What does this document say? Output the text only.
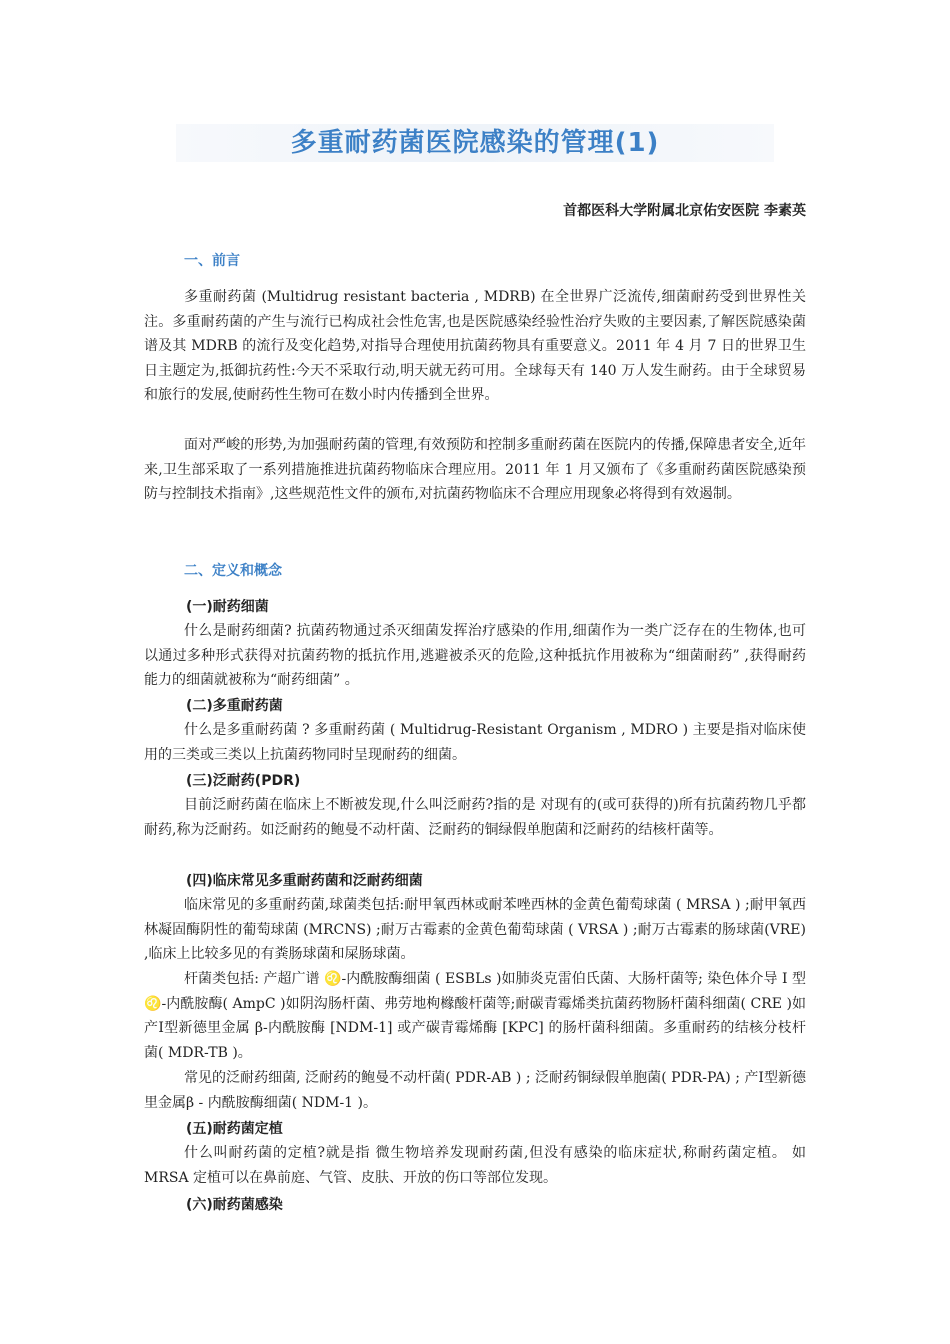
多重耐药菌医院感染的管理(1)
首都医科大学附属北京佑安医院 李素英
一、前言
多重耐药菌 (Multidrug resistant bacteria , MDRB) 在全世界广泛流传,细菌耐药受到世界性关注。多重耐药菌的产生与流行已构成社会性危害,也是医院感染经验性治疗失败的主要因素,了解医院感染菌谱及其 MDRB 的流行及变化趋势,对指导合理使用抗菌药物具有重要意义。2011 年 4 月 7 日的世界卫生日主题定为,抵御抗药性:今天不采取行动,明天就无药可用。全球每天有 140 万人发生耐药。由于全球贸易和旅行的发展,使耐药性生物可在数小时内传播到全世界。
面对严峻的形势,为加强耐药菌的管理,有效预防和控制多重耐药菌在医院内的传播,保障患者安全,近年来,卫生部采取了一系列措施推进抗菌药物临床合理应用。2011 年 1 月又颁布了《多重耐药菌医院感染预防与控制技术指南》,这些规范性文件的颁布,对抗菌药物临床不合理应用现象必将得到有效遏制。
二、定义和概念
(一)耐药细菌
什么是耐药细菌? 抗菌药物通过杀灭细菌发挥治疗感染的作用,细菌作为一类广泛存在的生物体,也可以通过多种形式获得对抗菌药物的抵抗作用,逃避被杀灭的危险,这种抵抗作用被称为“细菌耐药” ,获得耐药能力的细菌就被称为“耐药细菌” 。
(二)多重耐药菌
什么是多重耐药菌 ? 多重耐药菌 ( Multidrug-Resistant Organism , MDRO ) 主要是指对临床使用的三类或三类以上抗菌药物同时呈现耐药的细菌。
(三)泛耐药(PDR)
目前泛耐药菌在临床上不断被发现,什么叫泛耐药?指的是 对现有的(或可获得的)所有抗菌药物几乎都耐药,称为泛耐药。如泛耐药的鲍曼不动杆菌、泛耐药的铜绿假单胞菌和泛耐药的结核杆菌等。
(四)临床常见多重耐药菌和泛耐药细菌
临床常见的多重耐药菌,球菌类包括:耐甲氧西林或耐苯唑西林的金黄色葡萄球菌 ( MRSA ) ;耐甲氧西林凝固酶阴性的葡萄球菌 (MRCNS) ;耐万古霉素的金黄色葡萄球菌 ( VRSA ) ;耐万古霉素的肠球菌(VRE) ,临床上比较多见的有粪肠球菌和屎肠球菌。
杆菌类包括: 产超广谱 ♌-内酰胺酶细菌 ( ESBLs )如肺炎克雷伯氏菌、大肠杆菌等; 染色体介导 I 型 ♌-内酰胺酶( AmpC )如阴沟肠杆菌、弗劳地枸橼酸杆菌等;耐碳青霉烯类抗菌药物肠杆菌科细菌( CRE )如产Ⅰ型新德里金属 β-内酰胺酶 [NDM-1] 或产碳青霉烯酶 [KPC] 的肠杆菌科细菌。多重耐药的结核分枝杆菌( MDR-TB )。
常见的泛耐药细菌, 泛耐药的鲍曼不动杆菌( PDR-AB ) ; 泛耐药铜绿假单胞菌( PDR-PA) ; 产Ⅰ型新德里金属β - 内酰胺酶细菌( NDM-1 )。
(五)耐药菌定植
什么叫耐药菌的定植?就是指 微生物培养发现耐药菌,但没有感染的临床症状,称耐药菌定植。 如 MRSA 定植可以在鼻前庭、气管、皮肤、开放的伤口等部位发现。
(六)耐药菌感染
